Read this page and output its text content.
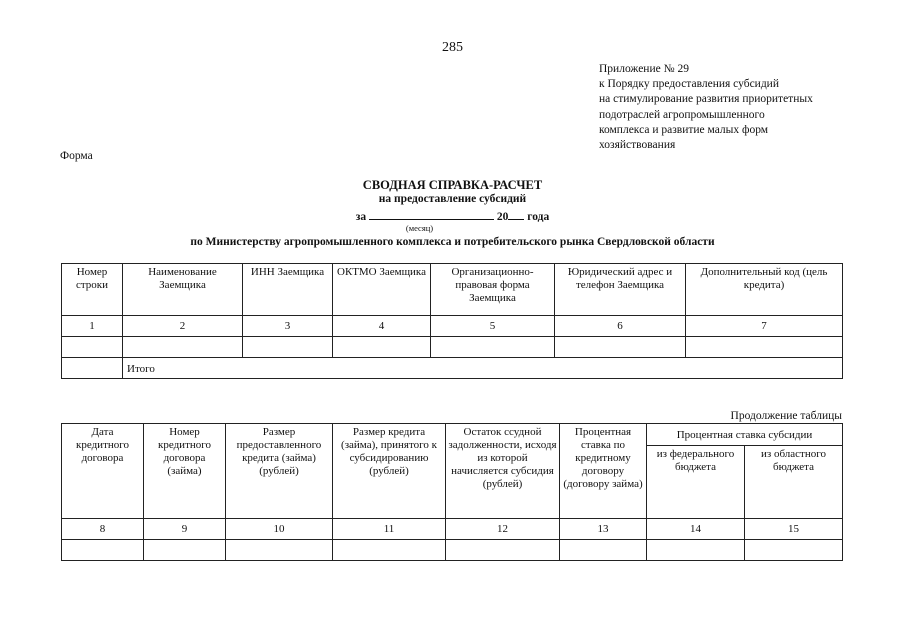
285
Приложение № 29
к Порядку предоставления субсидий
на стимулирование развития приоритетных
подотраслей агропромышленного
комплекса и развитие малых форм
хозяйствования
Форма
СВОДНАЯ СПРАВКА-РАСЧЕТ
на предоставление субсидий
за	20 года
(месяц)
по Министерству агропромышленного комплекса и потребительского рынка Свердловской области
Номер строки	Наименование Заемщика	ИНН Заемщика	ОКТМО Заемщика	Организационно-правовая форма Заемщика	Юридический адрес и телефон Заемщика	Дополнительный код (цель кредита)
1	2	3	4	5	6	7

	Итого					
Продолжение таблицы
Дата кредитного договора	Номер кредитного договора (займа)	Размер предоставленного кредита (займа) (рублей)	Размер кредита (займа), принятого к субсидированию (рублей)	Остаток ссудной задолженности, исходя из которой начисляется субсидия (рублей)	Процентная ставка по кредитному договору (договору займа)	Процентная ставка субсидии	
						из федерального бюджета	из областного бюджета
8	9	10	11	12	13	14	15
